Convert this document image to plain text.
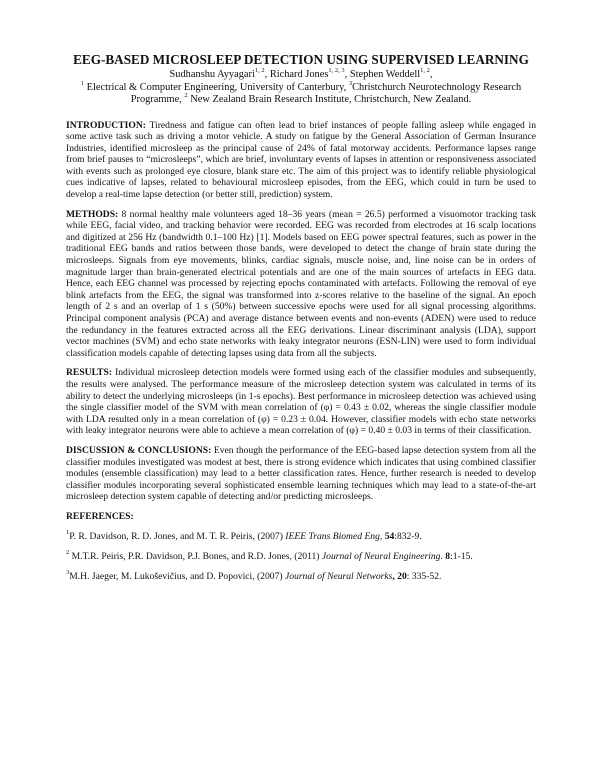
EEG-BASED MICROSLEEP DETECTION USING SUPERVISED LEARNING
Sudhanshu Ayyagari$^{1, 2}$, Richard Jones$^{1, 2, 3}$, Stephen Weddell$^{1, 2}$,
$^1$ Electrical & Computer Engineering, University of Canterbury, $^3$Christchurch Neurotechnology Research Programme, $^2$ New Zealand Brain Research Institute, Christchurch, New Zealand.

INTRODUCTION: Tiredness and fatigue can often lead to brief instances of people falling asleep while engaged in some active task such as driving a motor vehicle. A study on fatigue by the General Association of German Insurance Industries, identified microsleep as the principal cause of 24% of fatal motorway accidents. Performance lapses range from brief pauses to “microsleeps”, which are brief, involuntary events of lapses in attention or responsiveness associated with events such as prolonged eye closure, blank stare etc. The aim of this project was to identify reliable physiological cues indicative of lapses, related to behavioural microsleep episodes, from the EEG, which could in turn be used to develop a real-time lapse detection (or better still, prediction) system.

METHODS: 8 normal healthy male volunteers aged 18–36 years (mean = 26.5) performed a visuomotor tracking task while EEG, facial video, and tracking behavior were recorded. EEG was recorded from electrodes at 16 scalp locations and digitized at 256 Hz (bandwidth 0.1–100 Hz) [1]. Models based on EEG power spectral features, such as power in the traditional EEG bands and ratios between those bands, were developed to detect the change of brain state during the microsleeps. Signals from eye movements, blinks, cardiac signals, muscle noise, and, line noise can be in orders of magnitude larger than brain-generated electrical potentials and are one of the main sources of artefacts in EEG data. Hence, each EEG channel was processed by rejecting epochs contaminated with artefacts. Following the removal of eye blink artefacts from the EEG, the signal was transformed into z-scores relative to the baseline of the signal. An epoch length of 2 s and an overlap of 1 s (50%) between successive epochs were used for all signal processing algorithms. Principal component analysis (PCA) and average distance between events and non-events (ADEN) were used to reduce the redundancy in the features extracted across all the EEG derivations. Linear discriminant analysis (LDA), support vector machines (SVM) and echo state networks with leaky integrator neurons (ESN-LIN) were used to form individual classification models capable of detecting lapses using data from all the subjects.

RESULTS: Individual microsleep detection models were formed using each of the classifier modules and subsequently, the results were analysed. The performance measure of the microsleep detection system was calculated in terms of its ability to detect the underlying microsleeps (in 1-s epochs). Best performance in microsleep detection was achieved using the single classifier model of the SVM with mean correlation of (φ) = 0.43 ± 0.02, whereas the single classifier module with LDA resulted only in a mean correlation of (φ) = 0.23 ± 0.04. However, classifier models with echo state networks with leaky integrator neurons were able to achieve a mean correlation of (φ) = 0.40 ± 0.03 in terms of their classification.

DISCUSSION & CONCLUSIONS: Even though the performance of the EEG-based lapse detection system from all the classifier modules investigated was modest at best, there is strong evidence which indicates that using combined classifier modules (ensemble classification) may lead to a better classification rates. Hence, further research is needed to develop classifier modules incorporating several sophisticated ensemble learning techniques which may lead to a state-of-the-art microsleep detection system capable of detecting and/or predicting microsleeps.

REFERENCES:
$^1$P. R. Davidson, R. D. Jones, and M. T. R. Peiris, (2007) IEEE Trans Biomed Eng, 54:832-9.
$^2$ M.T.R. Peiris, P.R. Davidson, P.J. Bones, and R.D. Jones, (2011) Journal of Neural Engineering. 8:1-15.
$^3$M.H. Jaeger, M. Lukoševičius, and D. Popovici, (2007) Journal of Neural Networks, 20: 335-52.
